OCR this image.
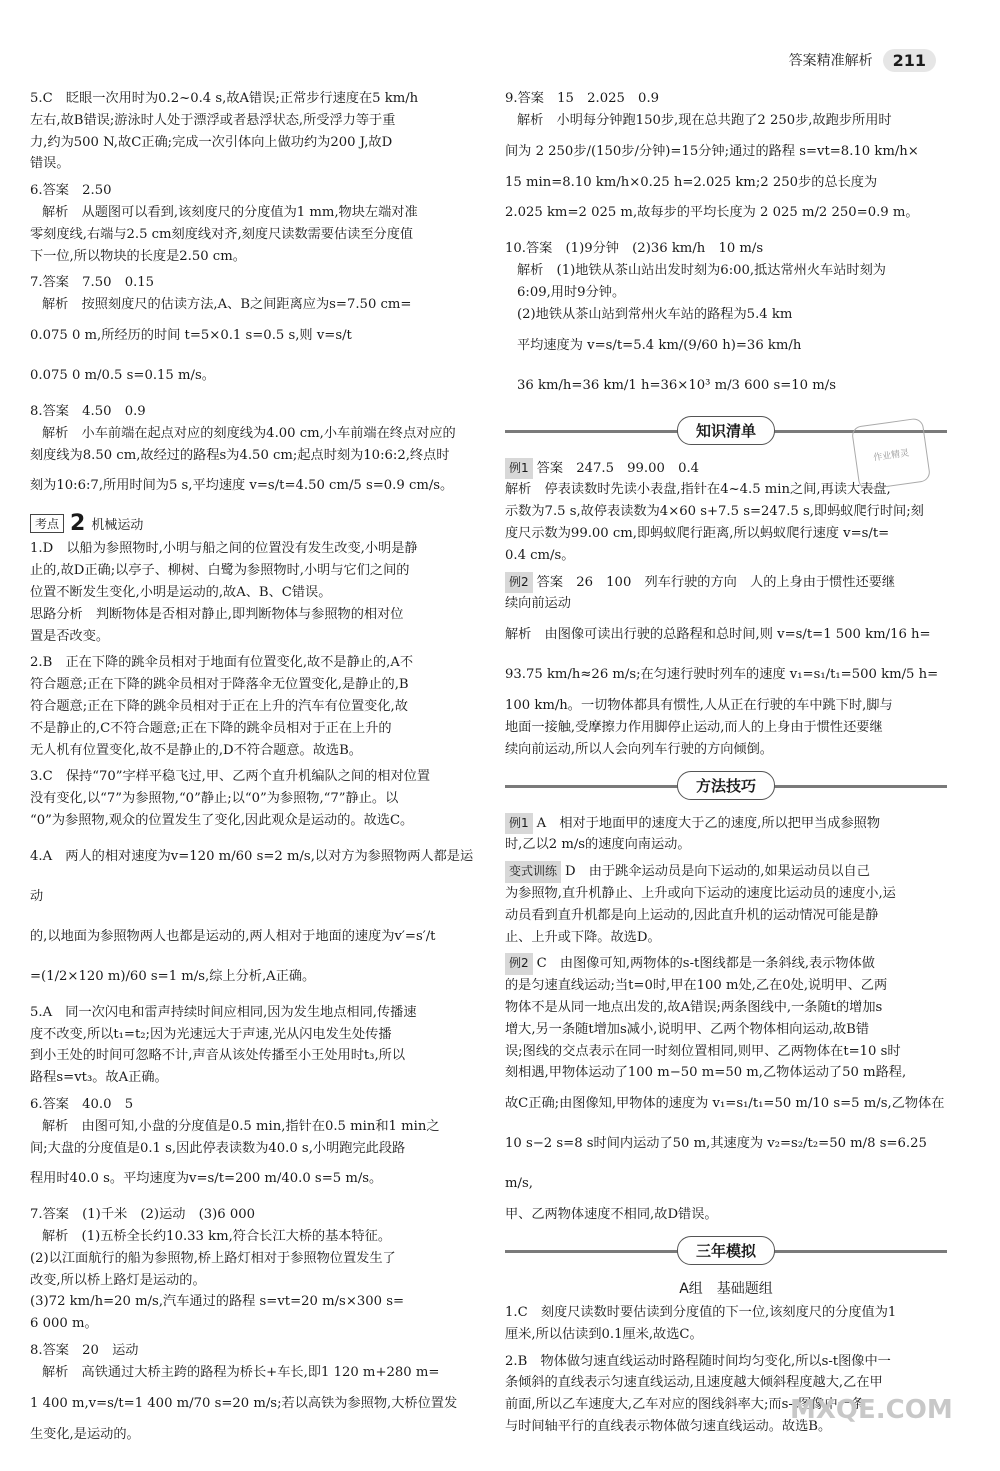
答案精准解析	211
5.C　眨眼一次用时为0.2~0.4 s,故A错误;正常步行速度在5 km/h
左右,故B错误;游泳时人处于漂浮或者悬浮状态,所受浮力等于重
力,约为500 N,故C正确;完成一次引体向上做功约为200 J,故D
错误。
6.答案　2.50
解析　从题图可以看到,该刻度尺的分度值为1 mm,物块左端对准
零刻度线,右端与2.5 cm刻度线对齐,刻度尺读数需要估读至分度值
下一位,所以物块的长度是2.50 cm。
7.答案　7.50　0.15
解析　按照刻度尺的估读方法,A、B之间距离应为s=7.50 cm=
0.075 0 m,所经历的时间 t=5×0.1 s=0.5 s,则 v=s/t
0.075 0 m/0.5 s=0.15 m/s。
8.答案　4.50　0.9
解析　小车前端在起点对应的刻度线为4.00 cm,小车前端在终点对应的
刻度线为8.50 cm,故经过的路程s为4.50 cm;起点时刻为10:6:2,终点时
刻为10:6:7,所用时间为5 s,平均速度 v=s/t=4.50 cm/5 s=0.9 cm/s。
考点 2 机械运动
1.D　以船为参照物时,小明与船之间的位置没有发生改变,小明是静
止的,故D正确;以亭子、柳树、白鹭为参照物时,小明与它们之间的
位置不断发生变化,小明是运动的,故A、B、C错误。
思路分析　判断物体是否相对静止,即判断物体与参照物的相对位
置是否改变。
2.B　正在下降的跳伞员相对于地面有位置变化,故不是静止的,A不
符合题意;正在下降的跳伞员相对于降落伞无位置变化,是静止的,B
符合题意;正在下降的跳伞员相对于正在上升的汽车有位置变化,故
不是静止的,C不符合题意;正在下降的跳伞员相对于正在上升的
无人机有位置变化,故不是静止的,D不符合题意。故选B。
3.C　保持“70”字样平稳飞过,甲、乙两个直升机编队之间的相对位置
没有变化,以“7”为参照物,“0”静止;以“0”为参照物,“7”静止。以
“0”为参照物,观众的位置发生了变化,因此观众是运动的。故选C。
4.A　两人的相对速度为v=120 m/60 s=2 m/s,以对方为参照物两人都是运动
的,以地面为参照物两人也都是运动的,两人相对于地面的速度为v′=s′/t
=(1/2×120 m)/60 s=1 m/s,综上分析,A正确。
5.A　同一次闪电和雷声持续时间应相同,因为发生地点相同,传播速
度不改变,所以t₁=t₂;因为光速远大于声速,光从闪电发生处传播
到小王处的时间可忽略不计,声音从该处传播至小王处用时t₃,所以
路程s=vt₃。故A正确。
6.答案　40.0　5
解析　由图可知,小盘的分度值是0.5 min,指针在0.5 min和1 min之
间;大盘的分度值是0.1 s,因此停表读数为40.0 s,小明跑完此段路
程用时40.0 s。平均速度为v=s/t=200 m/40.0 s=5 m/s。
7.答案　(1)千米　(2)运动　(3)6 000
解析　(1)五桥全长约10.33 km,符合长江大桥的基本特征。
(2)以江面航行的船为参照物,桥上路灯相对于参照物位置发生了
改变,所以桥上路灯是运动的。
(3)72 km/h=20 m/s,汽车通过的路程 s=vt=20 m/s×300 s=
6 000 m。
8.答案　20　运动
解析　高铁通过大桥主跨的路程为桥长+车长,即1 120 m+280 m=
1 400 m,v=s/t=1 400 m/70 s=20 m/s;若以高铁为参照物,大桥位置发
生变化,是运动的。
9.答案　15　2.025　0.9
解析　小明每分钟跑150步,现在总共跑了2 250步,故跑步所用时
间为 2 250步/(150步/分钟)=15分钟;通过的路程 s=vt=8.10 km/h×
15 min=8.10 km/h×0.25 h=2.025 km;2 250步的总长度为
2.025 km=2 025 m,故每步的平均长度为 2 025 m/2 250=0.9 m。
10.答案　(1)9分钟　(2)36 km/h　10 m/s
解析　(1)地铁从茶山站出发时刻为6:00,抵达常州火车站时刻为
6:09,用时9分钟。
(2)地铁从茶山站到常州火车站的路程为5.4 km
平均速度为 v=s/t=5.4 km/(9/60 h)=36 km/h
36 km/h=36 km/1 h=36×10³ m/3 600 s=10 m/s
知识清单
例1 答案　247.5　99.00　0.4
解析　停表读数时先读小表盘,指针在4~4.5 min之间,再读大表盘,
示数为7.5 s,故停表读数为4×60 s+7.5 s=247.5 s,即蚂蚁爬行时间;刻
度尺示数为99.00 cm,即蚂蚁爬行距离,所以蚂蚁爬行速度 v=s/t=
0.4 cm/s。
例2 答案　26　100　列车行驶的方向　人的上身由于惯性还要继
续向前运动
解析　由图像可读出行驶的总路程和总时间,则 v=s/t=1 500 km/16 h=
93.75 km/h≈26 m/s;在匀速行驶时列车的速度 v₁=s₁/t₁=500 km/5 h=
100 km/h。一切物体都具有惯性,人从正在行驶的车中跳下时,脚与
地面一接触,受摩擦力作用脚停止运动,而人的上身由于惯性还要继
续向前运动,所以人会向列车行驶的方向倾倒。
方法技巧
例1 A　相对于地面甲的速度大于乙的速度,所以把甲当成参照物
时,乙以2 m/s的速度向南运动。
变式训练 D　由于跳伞运动员是向下运动的,如果运动员以自己
为参照物,直升机静止、上升或向下运动的速度比运动员的速度小,运
动员看到直升机都是向上运动的,因此直升机的运动情况可能是静
止、上升或下降。故选D。
例2 C　由图像可知,两物体的s-t图线都是一条斜线,表示物体做
的是匀速直线运动;当t=0时,甲在100 m处,乙在0处,说明甲、乙两
物体不是从同一地点出发的,故A错误;两条图线中,一条随t的增加s
增大,另一条随t增加s减小,说明甲、乙两个物体相向运动,故B错
误;图线的交点表示在同一时刻位置相同,则甲、乙两物体在t=10 s时
刻相遇,甲物体运动了100 m−50 m=50 m,乙物体运动了50 m路程,
故C正确;由图像知,甲物体的速度为 v₁=s₁/t₁=50 m/10 s=5 m/s,乙物体在
10 s−2 s=8 s时间内运动了50 m,其速度为 v₂=s₂/t₂=50 m/8 s=6.25 m/s,
甲、乙两物体速度不相同,故D错误。
三年模拟
A组　基础题组
1.C　刻度尺读数时要估读到分度值的下一位,该刻度尺的分度值为1
厘米,所以估读到0.1厘米,故选C。
2.B　物体做匀速直线运动时路程随时间均匀变化,所以s-t图像中一
条倾斜的直线表示匀速直线运动,且速度越大倾斜程度越大,乙在甲
前面,所以乙车速度大,乙车对应的图线斜率大;而s-t图像中一条
与时间轴平行的直线表示物体做匀速直线运动。故选B。
作业精灵
MXQE.COM
